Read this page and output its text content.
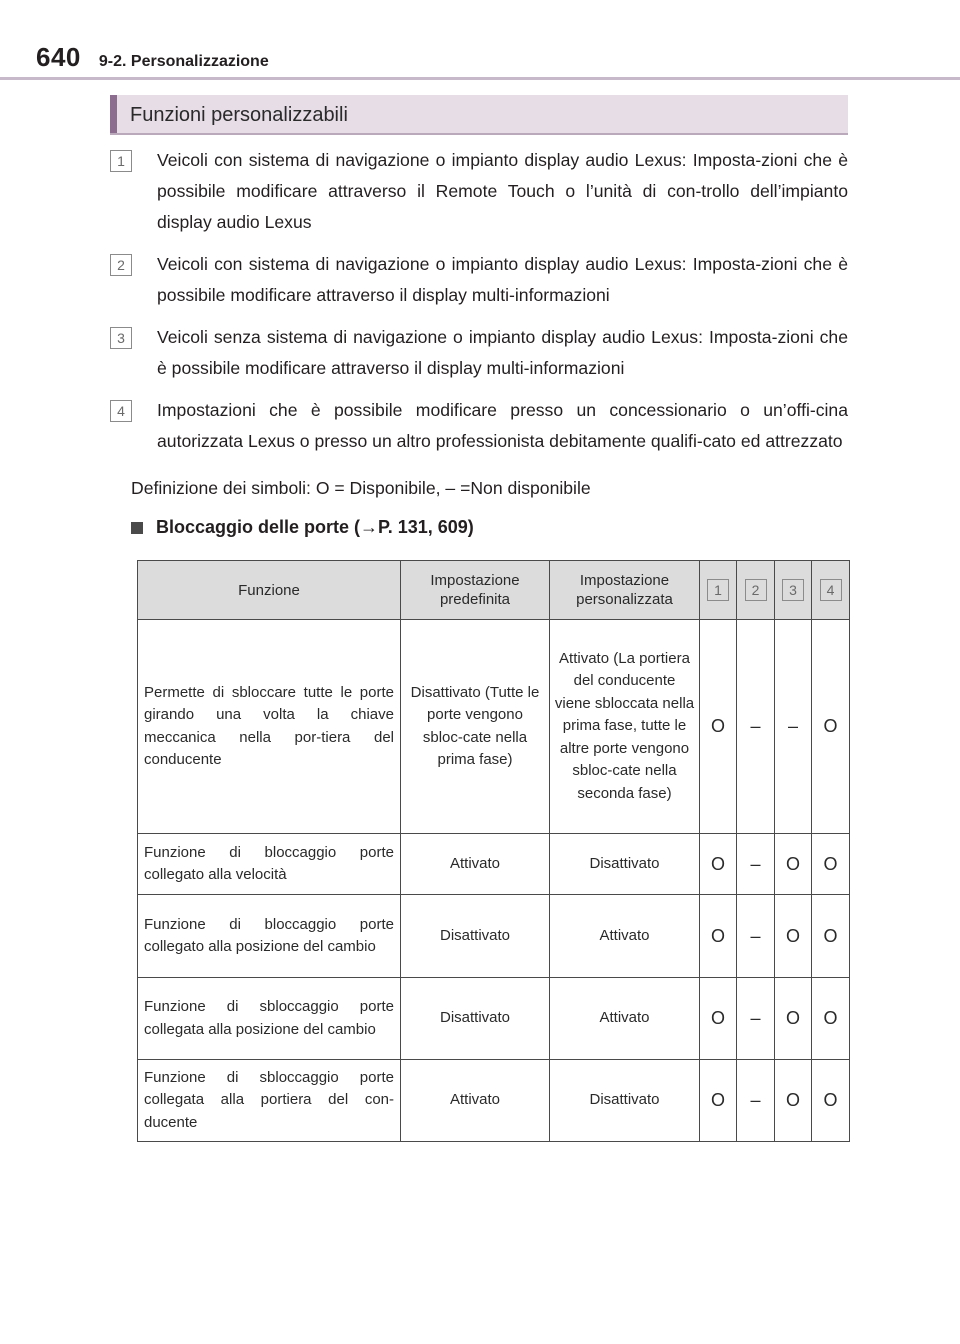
640 9-2. Personalizzazione
Funzioni personalizzabili
1	Veicoli con sistema di navigazione o impianto display audio Lexus: Imposta-zioni che è possibile modificare attraverso il Remote Touch o l’unità di con-trollo dell’impianto display audio Lexus
2	Veicoli con sistema di navigazione o impianto display audio Lexus: Imposta-zioni che è possibile modificare attraverso il display multi-informazioni
3	Veicoli senza sistema di navigazione o impianto display audio Lexus: Imposta-zioni che è possibile modificare attraverso il display multi-informazioni
4	Impostazioni che è possibile modificare presso un concessionario o un’offi-cina autorizzata Lexus o presso un altro professionista debitamente qualifi-cato ed attrezzato
Definizione dei simboli: O = Disponibile, – =Non disponibile
Bloccaggio delle porte (→P. 131, 609)
Funzione	Impostazione predefinita	Impostazione personalizzata	1	2	3	4
Permette di sbloccare tutte le porte girando una volta la chiave meccanica nella por-tiera del conducente	Disattivato (Tutte le porte vengono sbloc-cate nella prima fase)	Attivato (La portiera del conducente viene sbloccata nella prima fase, tutte le altre porte vengono sbloc-cate nella seconda fase)	O	–	–	O
Funzione di bloccaggio porte collegato alla velocità	Attivato	Disattivato	O	–	O	O
Funzione di bloccaggio porte collegato alla posizione del cambio	Disattivato	Attivato	O	–	O	O
Funzione di sbloccaggio porte collegata alla posizione del cambio	Disattivato	Attivato	O	–	O	O
Funzione di sbloccaggio porte collegata alla portiera del con-ducente	Attivato	Disattivato	O	–	O	O
